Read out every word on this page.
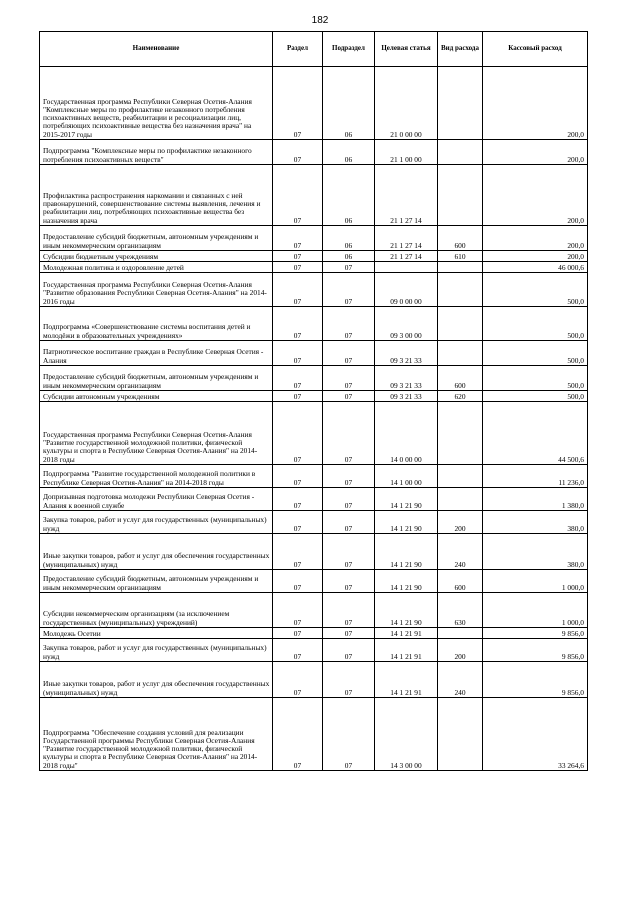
182
Наименование	Раздел	Подраздел	Целевая статья	Вид расхода	Кассовый расход
Государственная программа Республики Северная Осетия-Алания "Комплексные меры по профилактике незаконного потребления психоактивных веществ, реабилитации и ресоциализации лиц, потребляющих психоактивные вещества без назначения врача" на 2015-2017 годы	07	06	21 0 00 00		200,0
Подпрограмма "Комплексные меры по профилактике незаконного потребления психоактивных веществ"	07	06	21 1 00 00		200,0
Профилактика распространения наркомании и связанных с ней правонарушений, совершенствование системы выявления, лечения и реабилитации лиц, потребляющих психоактивные вещества без назначения врача	07	06	21 1 27 14		200,0
Предоставление субсидий бюджетным, автономным учреждениям и иным некоммерческим организациям	07	06	21 1 27 14	600	200,0
Субсидии бюджетным учреждениям	07	06	21 1 27 14	610	200,0
Молодежная политика и оздоровление детей	07	07			46 000,6
Государственная программа Республики Северная Осетия-Алания "Развитие образования Республики Северная Осетия-Алания" на 2014-2016 годы	07	07	09 0 00 00		500,0
Подпрограмма «Совершенствование системы воспитания детей и молодёжи в образовательных учреждениях»	07	07	09 3 00 00		500,0
Патриотическое воспитание граждан в Республике Северная Осетия - Алания	07	07	09 3 21 33		500,0
Предоставление субсидий бюджетным, автономным учреждениям и иным некоммерческим организациям	07	07	09 3 21 33	600	500,0
Субсидии автономным учреждениям	07	07	09 3 21 33	620	500,0
Государственная программа Республики Северная Осетия-Алания "Развитие государственной молодежной политики, физической культуры и спорта в Республике Северная Осетия-Алания" на 2014-2018 годы	07	07	14 0 00 00		44 500,6
Подпрограмма "Развитие государственной молодежной политики в Республике Северная Осетия-Алания" на 2014-2018 годы	07	07	14 1 00 00		11 236,0
Допризывная подготовка молодежи Республики Северная Осетия - Алания к военной службе	07	07	14 1 21 90		1 380,0
Закупка товаров, работ и услуг для государственных (муниципальных) нужд	07	07	14 1 21 90	200	380,0
Иные закупки товаров, работ и услуг для обеспечения государственных (муниципальных) нужд	07	07	14 1 21 90	240	380,0
Предоставление субсидий бюджетным, автономным учреждениям и иным некоммерческим организациям	07	07	14 1 21 90	600	1 000,0
Субсидии некоммерческим организациям (за исключением государственных (муниципальных) учреждений)	07	07	14 1 21 90	630	1 000,0
Молодежь Осетии	07	07	14 1 21 91		9 856,0
Закупка товаров, работ и услуг для государственных (муниципальных) нужд	07	07	14 1 21 91	200	9 856,0
Иные закупки товаров, работ и услуг для обеспечения государственных (муниципальных) нужд	07	07	14 1 21 91	240	9 856,0
Подпрограмма "Обеспечение создания условий для реализации Государственной программы Республики Северная Осетия-Алания "Развитие государственной молодежной политики, физической культуры и спорта в Республике Северная Осетия-Алания" на 2014-2018 годы"	07	07	14 3 00 00		33 264,6
